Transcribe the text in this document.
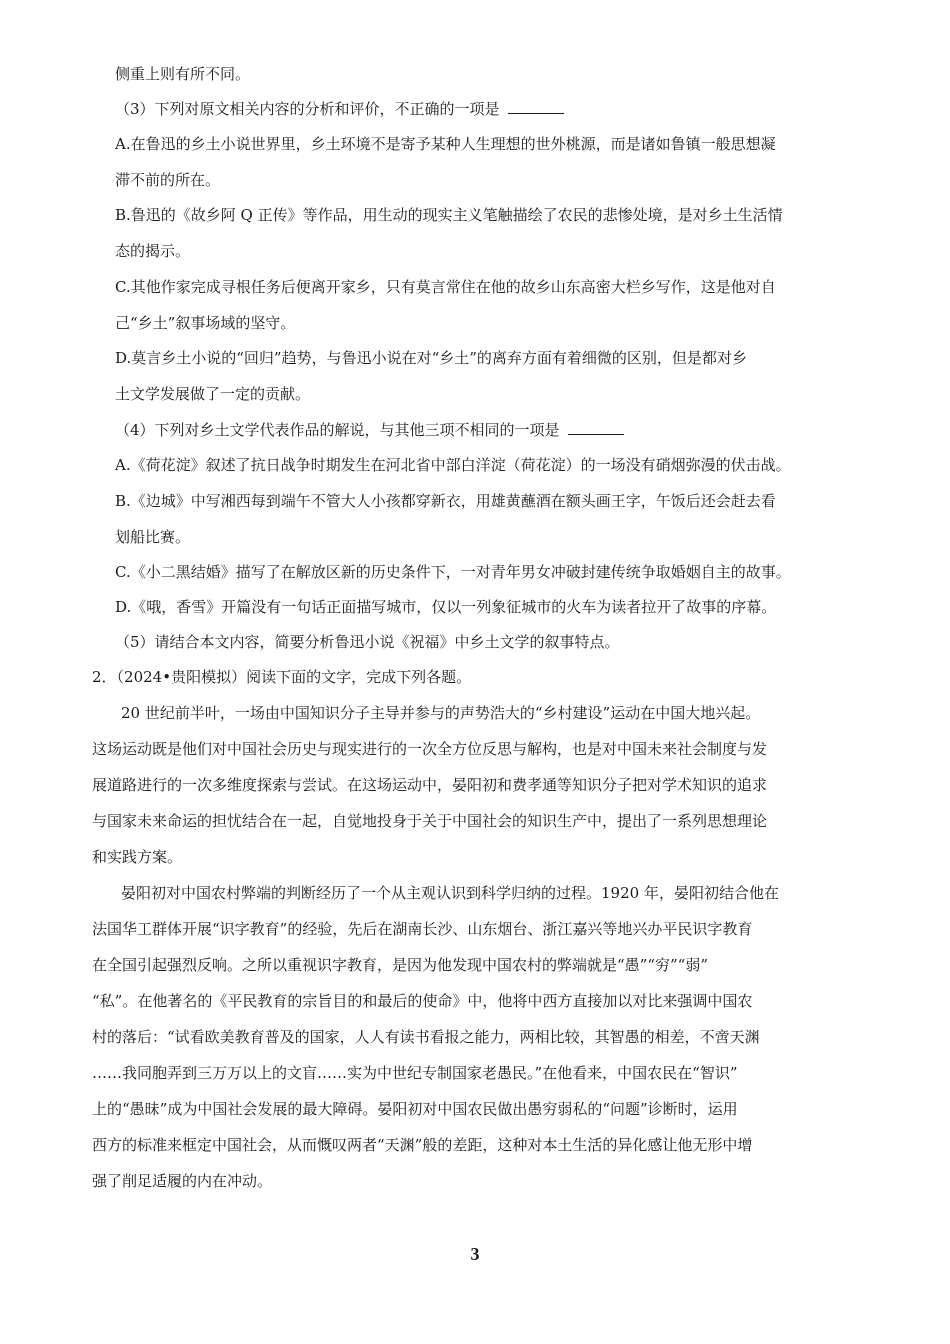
侧重上则有所不同。
（3）下列对原文相关内容的分析和评价，不正确的一项是
A.在鲁迅的乡土小说世界里，乡土环境不是寄予某种人生理想的世外桃源，而是诸如鲁镇一般思想凝
滞不前的所在。
B.鲁迅的《故乡阿 Q 正传》等作品，用生动的现实主义笔触描绘了农民的悲惨处境，是对乡土生活情
态的揭示。
C.其他作家完成寻根任务后便离开家乡，只有莫言常住在他的故乡山东高密大栏乡写作，这是他对自
己“乡土”叙事场域的坚守。
D.莫言乡土小说的“回归”趋势，与鲁迅小说在对“乡土”的离弃方面有着细微的区别，但是都对乡
土文学发展做了一定的贡献。
（4）下列对乡土文学代表作品的解说，与其他三项不相同的一项是
A.《荷花淀》叙述了抗日战争时期发生在河北省中部白洋淀（荷花淀）的一场没有硝烟弥漫的伏击战。
B.《边城》中写湘西每到端午不管大人小孩都穿新衣，用雄黄蘸酒在额头画王字，午饭后还会赶去看
划船比赛。
C.《小二黑结婚》描写了在解放区新的历史条件下，一对青年男女冲破封建传统争取婚姻自主的故事。
D.《哦，香雪》开篇没有一句话正面描写城市，仅以一列象征城市的火车为读者拉开了故事的序幕。
（5）请结合本文内容，简要分析鲁迅小说《祝福》中乡土文学的叙事特点。
2．（2024•贵阳模拟）阅读下面的文字，完成下列各题。
20 世纪前半叶，一场由中国知识分子主导并参与的声势浩大的“乡村建设”运动在中国大地兴起。
这场运动既是他们对中国社会历史与现实进行的一次全方位反思与解构，也是对中国未来社会制度与发
展道路进行的一次多维度探索与尝试。在这场运动中，晏阳初和费孝通等知识分子把对学术知识的追求
与国家未来命运的担忧结合在一起，自觉地投身于关于中国社会的知识生产中，提出了一系列思想理论
和实践方案。
晏阳初对中国农村弊端的判断经历了一个从主观认识到科学归纳的过程。1920 年，晏阳初结合他在
法国华工群体开展“识字教育”的经验，先后在湖南长沙、山东烟台、浙江嘉兴等地兴办平民识字教育
在全国引起强烈反响。之所以重视识字教育，是因为他发现中国农村的弊端就是“愚”“穷”“弱”
“私”。在他著名的《平民教育的宗旨目的和最后的使命》中，他将中西方直接加以对比来强调中国农
村的落后：“试看欧美教育普及的国家，人人有读书看报之能力，两相比较，其智愚的相差，不啻天渊
……我同胞弄到三万万以上的文盲……实为中世纪专制国家老愚民。”在他看来，中国农民在“智识”
上的“愚昧”成为中国社会发展的最大障碍。晏阳初对中国农民做出愚穷弱私的“问题”诊断时，运用
西方的标准来框定中国社会，从而慨叹两者“天渊”般的差距，这种对本土生活的异化感让他无形中增
强了削足适履的内在冲动。
3
